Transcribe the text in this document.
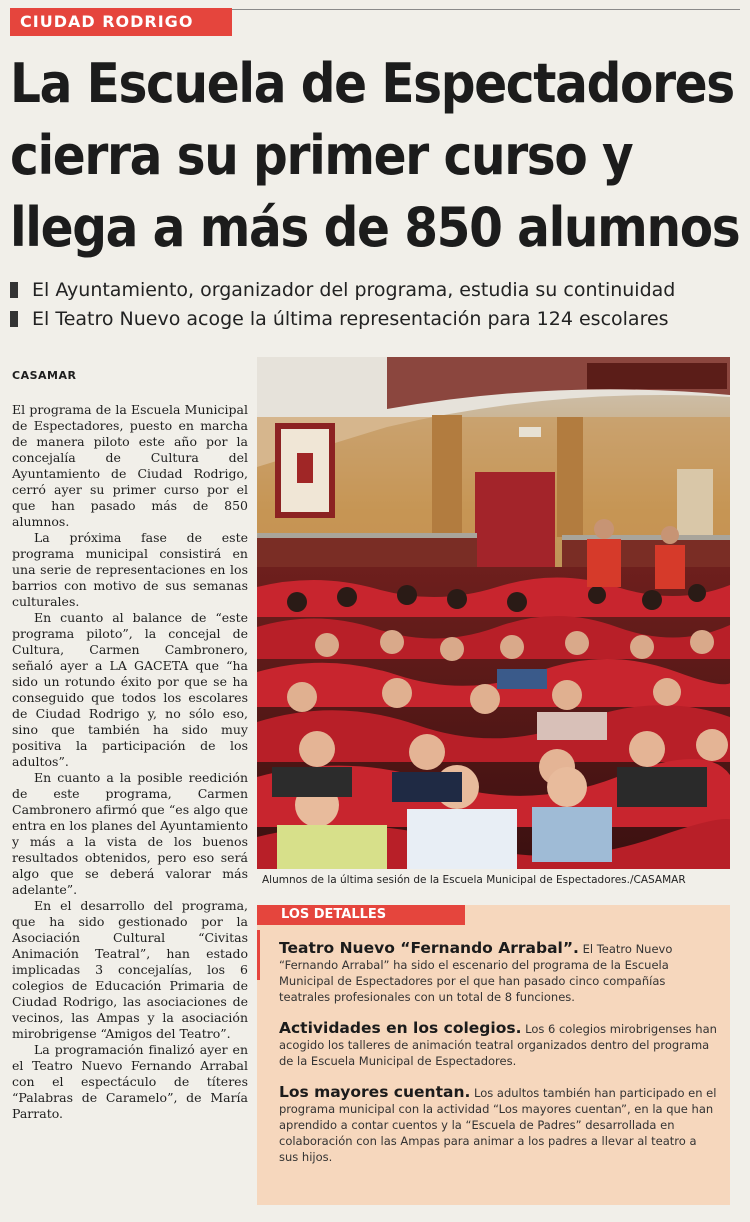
CIUDAD RODRIGO
La Escuela de Espectadores
cierra su primer curso y
llega a más de 850 alumnos
El Ayuntamiento, organizador del programa, estudia su continuidad
El Teatro Nuevo acoge la última representación para 124 escolares
CASAMAR

El programa de la Escuela Municipal de Espectadores, puesto en marcha de manera piloto este año por la concejalía de Cultura del Ayuntamiento de Ciudad Rodrigo, cerró ayer su primer curso por el que han pasado más de 850 alumnos.

La próxima fase de este programa municipal consistirá en una serie de representaciones en los barrios con motivo de sus semanas culturales.

En cuanto al balance de “este programa piloto”, la concejal de Cultura, Carmen Cambronero, señaló ayer a LA GACETA que “ha sido un rotundo éxito por que se ha conseguido que todos los escolares de Ciudad Rodrigo y, no sólo eso, sino que también ha sido muy positiva la participación de los adultos”.

En cuanto a la posible reedición de este programa, Carmen Cambronero afirmó que “es algo que entra en los planes del Ayuntamiento y más a la vista de los buenos resultados obtenidos, pero eso será algo que se deberá valorar más adelante”.

En el desarrollo del programa, que ha sido gestionado por la Asociación Cultural “Civitas Animación Teatral”, han estado implicadas 3 concejalías, los 6 colegios de Educación Primaria de Ciudad Rodrigo, las asociaciones de vecinos, las Ampas y la asociación mirobrigense “Amigos del Teatro”.

La programación finalizó ayer en el Teatro Nuevo Fernando Arrabal con el espectáculo de títeres “Palabras de Caramelo”, de María Parrato.

Alumnos de la última sesión de la Escuela Municipal de Espectadores./CASAMAR
LOS DETALLES
Teatro Nuevo “Fernando Arrabal”. El Teatro Nuevo “Fernando Arrabal” ha sido el escenario del programa de la Escuela Municipal de Espectadores por el que han pasado cinco compañías teatrales profesionales con un total de 8 funciones.
Actividades en los colegios. Los 6 colegios mirobrigenses han acogido los talleres de animación teatral organizados dentro del programa de la Escuela Municipal de Espectadores.
Los mayores cuentan. Los adultos también han participado en el programa municipal con la actividad “Los mayores cuentan”, en la que han aprendido a contar cuentos y la “Escuela de Padres” desarrollada en colaboración con las Ampas para animar a los padres a llevar al teatro a sus hijos.
